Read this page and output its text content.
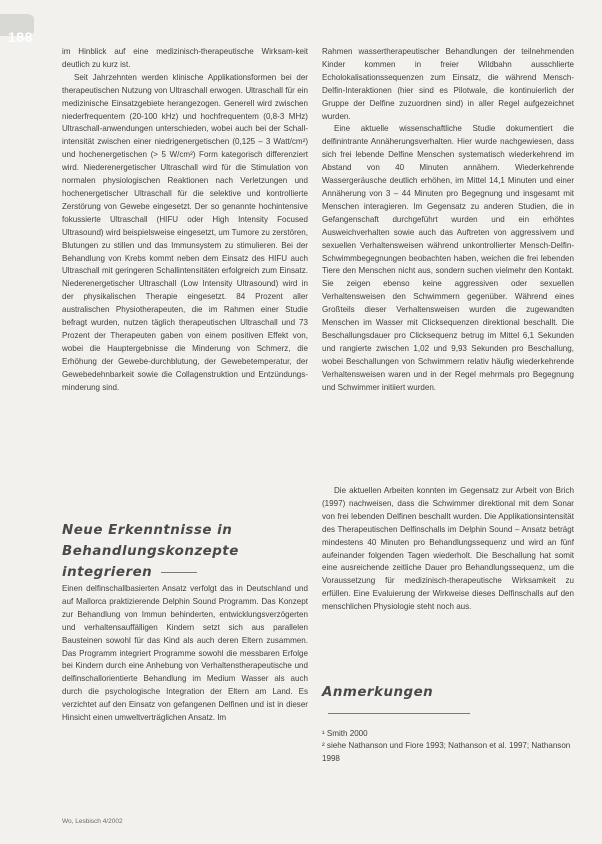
188

im Hinblick auf eine medizinisch-therapeutische Wirksam-keit deutlich zu kurz ist.

Seit Jahrzehnten werden klinische Applikationsformen bei der therapeutischen Nutzung von Ultraschall erwogen. Ultraschall für ein medizinische Einsatzgebiete herangezogen. Generell wird zwischen niederfrequentem (20-100 kHz) und hochfrequentem (0,8-3 MHz) Ultraschall-anwendungen unterschieden, wobei auch bei der Schall-intensität zwischen einer niedrigenergetischen (0,125 – 3 Watt/cm²) und hochenergetischen (> 5 W/cm²) Form kategorisch differenziert wird. Niederenergetischer Ultraschall wird für die Stimulation von normalen physiologischen Reaktionen nach Verletzungen und hochenergetischer Ultraschall für die selektive und kontrollierte Zerstörung von Gewebe eingesetzt. Der so genannte hochintensive fokussierte Ultraschall (HIFU oder High Intensity Focused Ultrasound) wird beispielsweise eingesetzt, um Tumore zu zerstören, Blutungen zu stillen und das Immunsystem zu stimulieren. Bei der Behandlung von Krebs kommt neben dem Einsatz des HIFU auch Ultraschall mit geringeren Schallintensitäten erfolgreich zum Einsatz. Niederenergetischer Ultraschall (Low Intensity Ultrasound) wird in der physikalischen Therapie eingesetzt. 84 Prozent aller australischen Physiotherapeuten, die im Rahmen einer Studie befragt wurden, nutzen täglich therapeutischen Ultraschall und 73 Prozent der Therapeuten gaben von einem positiven Effekt von, wobei die Hauptergebnisse die Minderung von Schmerz, die Erhöhung der Gewebe-durchblutung, der Gewebetemperatur, der Gewebedehnbarkeit sowie die Collagenstruktion und Entzündungs-minderung sind.

Neue Erkenntnisse in Behandlungskonzepte integrieren

Einen delfinschallbasierten Ansatz verfolgt das in Deutschland und auf Mallorca praktizierende Delphin Sound Programm. Das Konzept zur Behandlung von Immun behinderten, entwicklungsverzögerten und verhaltensauffälligen Kindern setzt sich aus parallelen Bausteinen sowohl für das Kind als auch deren Eltern zusammen. Das Programm integriert Programme sowohl die messbaren Erfolge bei Kindern durch eine Anhebung von Verhaltenstherapeutische und delfinschallorientierte Behandlung im Medium Wasser als auch durch die psychologische Integration der Eltern am Land. Es verzichtet auf den Einsatz von gefangenen Delfinen und ist in dieser Hinsicht einen umweltverträglichen Ansatz. Im

Rahmen wassertherapeutischer Behandlungen der teilnehmenden Kinder kommen in freier Wildbahn ausschlierte Echolokalisationssequenzen zum Einsatz, die während Mensch-Delfin-Interaktionen (hier sind es Pilotwale, die kontinuierlich der Gruppe der Delfine zuzuordnen sind) in aller Regel aufgezeichnet wurden.

Eine aktuelle wissenschaftliche Studie dokumentiert die delfinintrante Annäherungsverhalten. Hier wurde nachgewiesen, dass sich frei lebende Delfine Menschen systematisch wiederkehrend im Abstand von 40 Minuten annähern. Wiederkehrende Wassergeräusche deutlich erhöhen, im Mittel 14,1 Minuten und einer Annäherung von 3 – 44 Minuten pro Begegnung und insgesamt mit Menschen interagieren. Im Gegensatz zu anderen Studien, die in Gefangenschaft durchgeführt wurden und ein erhöhtes Ausweichverhalten sowie auch das Auftreten von aggressivem und sexuellen Verhaltensweisen während unkontrollierter Mensch-Delfin-Schwimmbegegnungen beobachten haben, weichen die frei lebenden Tiere den Menschen nicht aus, sondern suchen vielmehr den Kontakt. Sie zeigen ebenso keine aggressiven oder sexuellen Verhaltensweisen den Schwimmern gegenüber. Während eines Großteils dieser Verhaltensweisen wurden die zugewandten Menschen im Wasser mit Clicksequenzen direktional beschallt. Die Beschallungsdauer pro Clicksequenz betrug im Mittel 6,1 Sekunden und rangierte zwischen 1,02 und 9,93 Sekunden pro Beschallung, wobei Beschallungen von Schwimmern relativ häufig wiederkehrende Verhaltensweisen waren und in der Regel mehrmals pro Begegnung und Schwimmer initiiert wurden.

Die aktuellen Arbeiten konnten im Gegensatz zur Arbeit von Brich (1997) nachweisen, dass die Schwimmer direktional mit dem Sonar von frei lebenden Delfinen beschallt wurden. Die Applikationsintensität des Therapeutischen Delfinschalls im Delphin Sound – Ansatz beträgt mindestens 40 Minuten pro Behandlungssequenz und wird an fünf aufeinander folgenden Tagen wiederholt. Die Beschallung hat somit eine ausreichende zeitliche Dauer pro Behandlungssequenz, um die Voraussetzung für medizinisch-therapeutische Wirksamkeit zu erfüllen. Eine Evaluierung der Wirkweise dieses Delfinschalls auf den menschlichen Physiologie steht noch aus.

Anmerkungen

¹ Smith 2000

² siehe Nathanson und Fiore 1993; Nathanson et al. 1997; Nathanson 1998

Wo, Lesbisch 4/2002
